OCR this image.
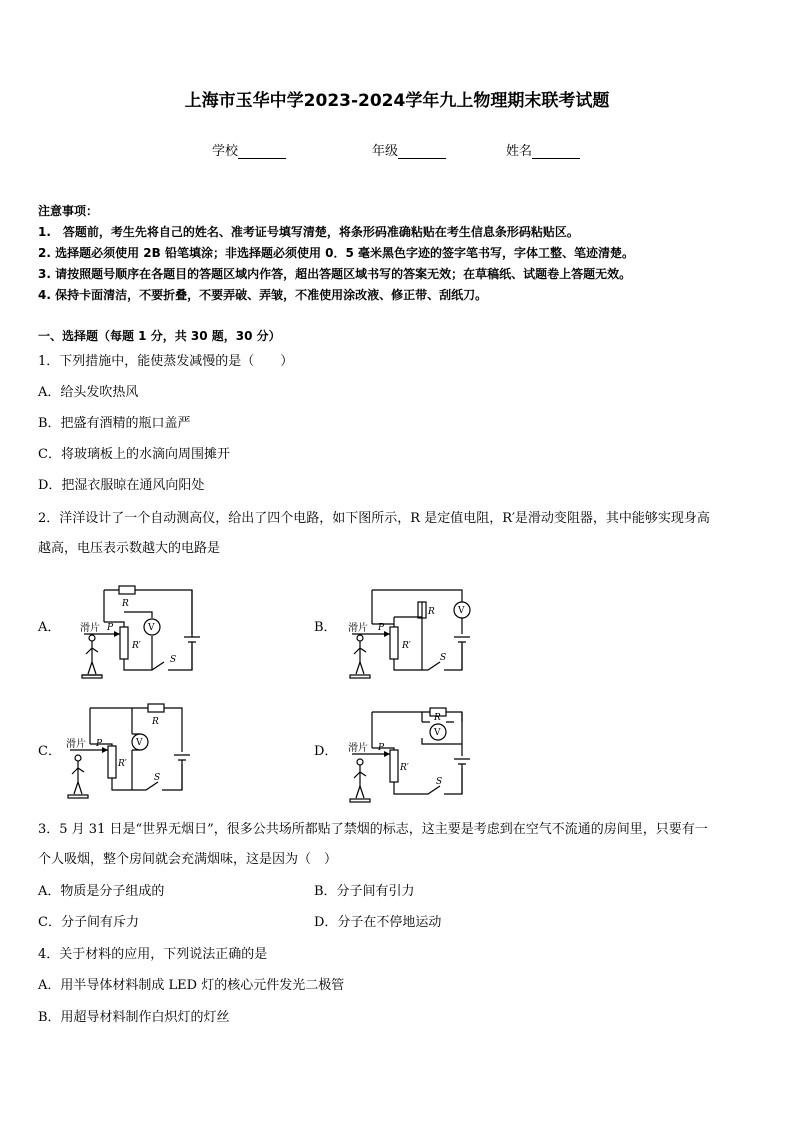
上海市玉华中学2023-2024学年九上物理期末联考试题
学校	年级	姓名
注意事项：
1.　答题前，考生先将自己的姓名、准考证号填写清楚，将条形码准确粘贴在考生信息条形码粘贴区。
2. 选择题必须使用 2B 铅笔填涂；非选择题必须使用 0．5 毫米黑色字迹的签字笔书写，字体工整、笔迹清楚。
3. 请按照题号顺序在各题目的答题区域内作答，超出答题区域书写的答案无效；在草稿纸、试题卷上答题无效。
4. 保持卡面清洁，不要折叠，不要弄破、弄皱，不准使用涂改液、修正带、刮纸刀。
一、选择题（每题 1 分，共 30 题，30 分）
1．下列措施中，能使蒸发减慢的是（　　）
A．给头发吹热风
B．把盛有酒精的瓶口盖严
C．将玻璃板上的水滴向周围摊开
D．把湿衣服晾在通风向阳处
2．洋洋设计了一个自动测高仪，给出了四个电路，如下图所示，R 是定值电阻，R′是滑动变阻器，其中能够实现身高
越高，电压表示数越大的电路是
A．	B．
C．	D．
滑片 P
R
R′
V
S
滑片 P
R
R′
V
S
滑片 P
R
R′
V
S
滑片 P
R
R′
V
S
3．5 月 31 日是“世界无烟日”，很多公共场所都贴了禁烟的标志，这主要是考虑到在空气不流通的房间里，只要有一
个人吸烟，整个房间就会充满烟味，这是因为（　）
A．物质是分子组成的	B．分子间有引力
C．分子间有斥力	D．分子在不停地运动
4．关于材料的应用，下列说法正确的是
A．用半导体材料制成 LED 灯的核心元件发光二极管
B．用超导材料制作白炽灯的灯丝
